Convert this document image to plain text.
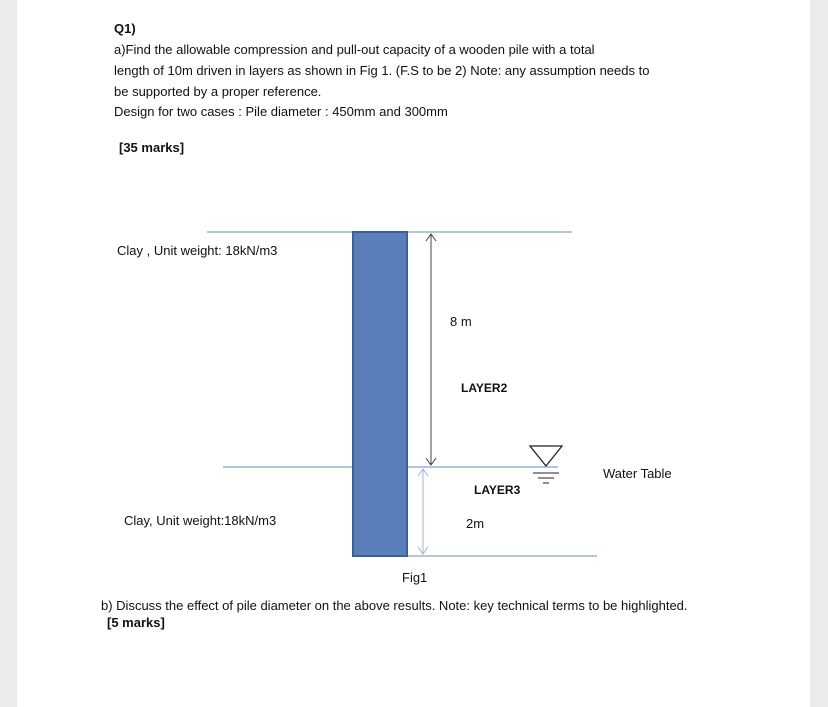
Q1)
a)Find the allowable compression and pull-out capacity of a wooden pile with a total
length of 10m driven in layers as shown in Fig 1. (F.S to be 2) Note: any assumption needs to
be supported by a proper reference.
Design for two cases : Pile diameter : 450mm and 300mm
[35 marks]
Clay , Unit weight: 18kN/m3
Clay, Unit weight:18kN/m3
8 m
LAYER2
LAYER3
2m
Water Table
Fig1
b) Discuss the effect of pile diameter on the above results. Note: key technical terms to be highlighted.
[5 marks]
